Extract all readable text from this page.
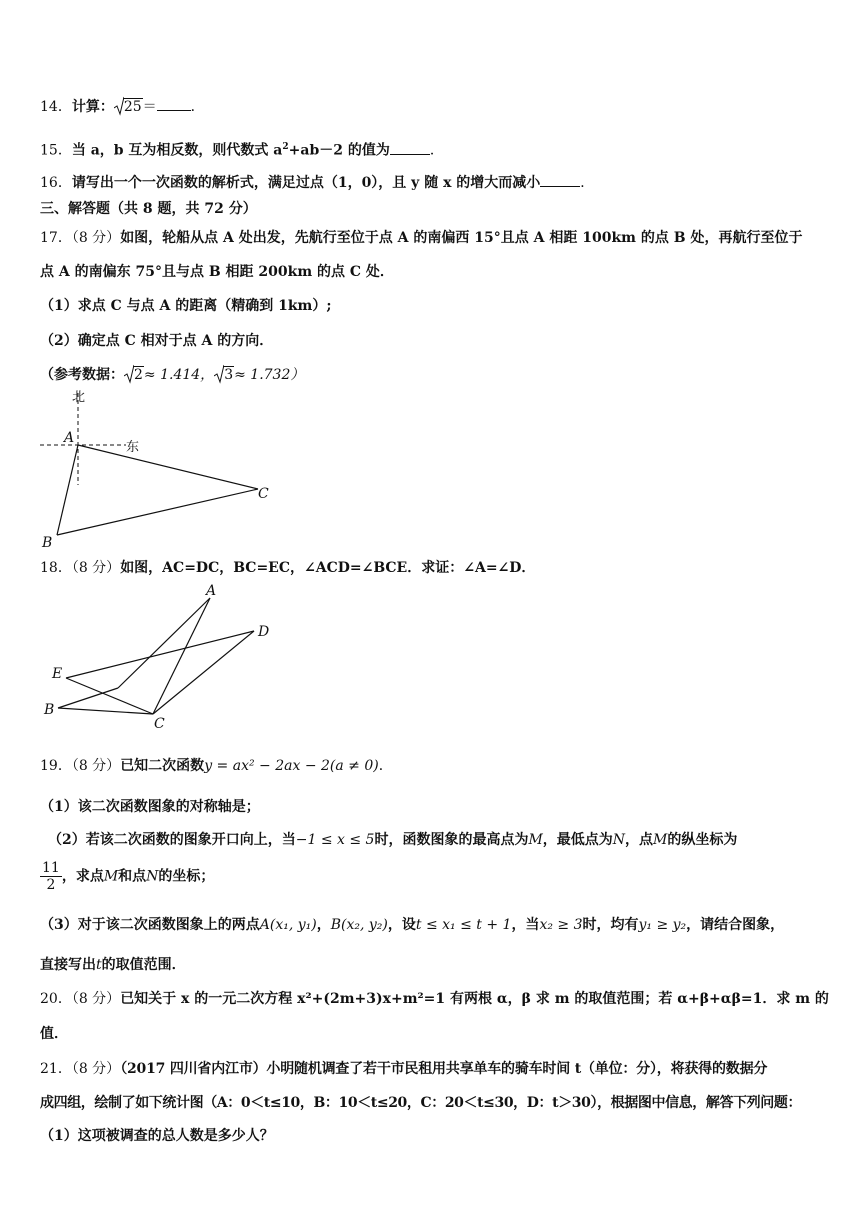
14．计算： 25＝ ．
15．当 a，b 互为相反数，则代数式 $a^2+ab-2$ 的值为	．
16．请写出一个一次函数的解析式，满足过点（1，0），且 y 随 x 的增大而减小	．
三、解答题（共 8 题，共 72 分）
17．（8 分）如图，轮船从点 A 处出发，先航行至位于点 A 的南偏西 15°且点 A 相距 100km 的点 B 处，再航行至位于
点 A 的南偏东 75°且与点 B 相距 200km 的点 C 处．
（1）求点 C 与点 A 的距离（精确到 1km）;
（2）确定点 C 相对于点 A 的方向．
（参考数据： 2≈ 1.414， 3≈ 1.732）
北
东
A
B
C
18．（8 分）如图，AC=DC，BC=EC，∠ACD=∠BCE．求证：∠A=∠D．
A
D
E
B
C
19．（8 分）已知二次函数y = ax² − 2ax − 2(a ≠ 0)．
（1）该二次函数图象的对称轴是；
（2）若该二次函数的图象开口向上，当−1 ≤ x ≤ 5时，函数图象的最高点为M，最低点为N，点M的纵坐标为
$\frac{11}{2}$ ，求点M和点N的坐标；
（3）对于该二次函数图象上的两点A(x₁, y₁)，B(x₂, y₂)，设t ≤ x₁ ≤ t + 1，当x₂ ≥ 3时，均有y₁ ≥ y₂，请结合图象，
直接写出t的取值范围．
20．（8 分）已知关于 x 的一元二次方程 x²+(2m+3)x+m²=1 有两根 α，β 求 m 的取值范围；若 α+β+αβ=1．求 m 的
值．
21．（8 分）（2017 四川省内江市）小明随机调查了若干市民租用共享单车的骑车时间 t（单位：分），将获得的数据分
成四组，绘制了如下统计图（A：0＜t≤10，B：10＜t≤20，C：20＜t≤30，D：t＞30），根据图中信息，解答下列问题：
（1）这项被调查的总人数是多少人？
